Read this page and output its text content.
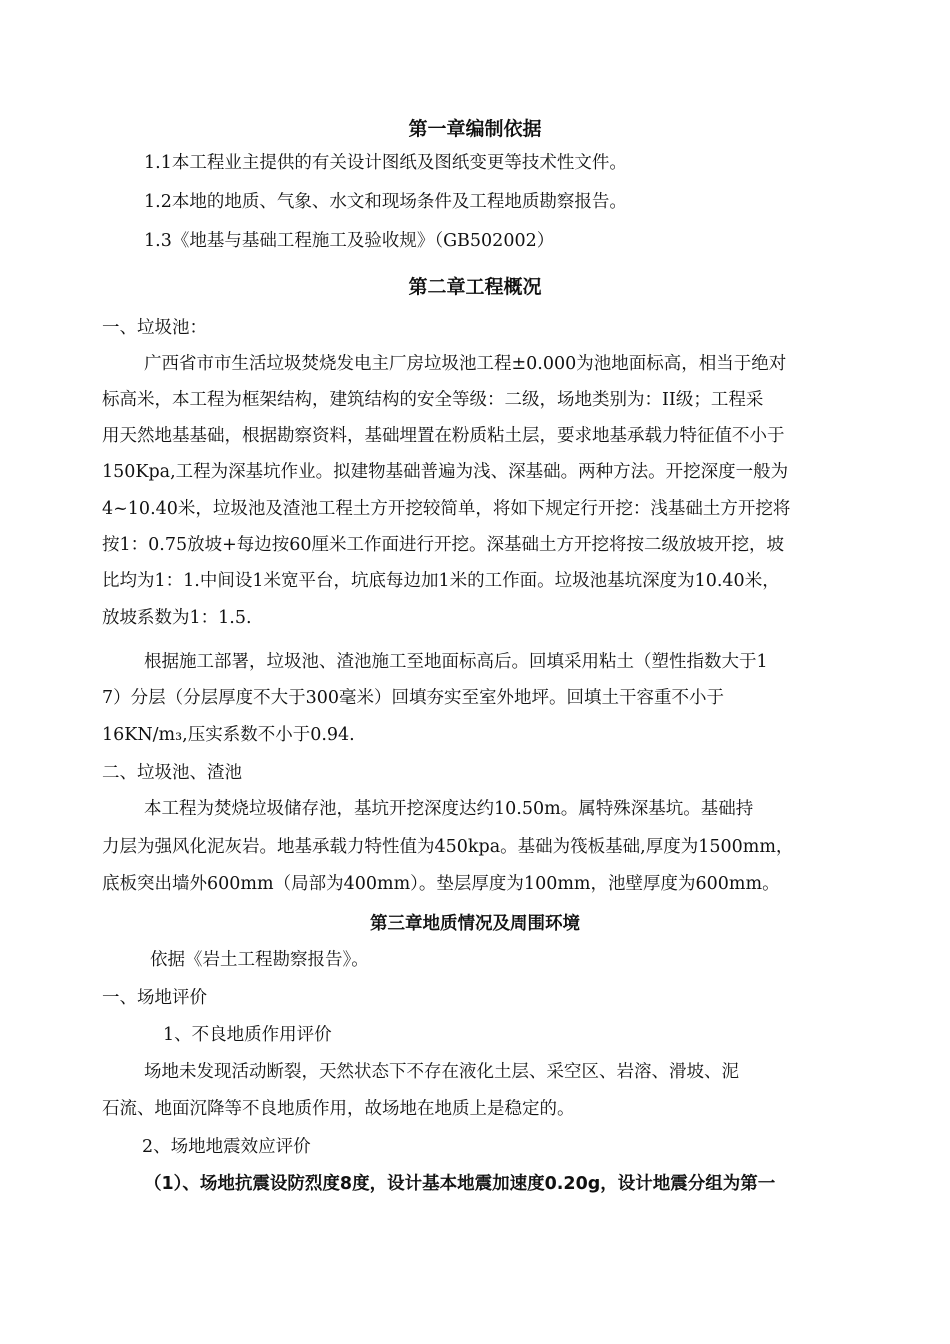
第一章编制依据
1.1本工程业主提供的有关设计图纸及图纸变更等技术性文件。
1.2本地的地质、气象、水文和现场条件及工程地质勘察报告。
1.3《地基与基础工程施工及验收规》（GB502002）
第二章工程概况
一、垃圾池：
广西省市市生活垃圾焚烧发电主厂房垃圾池工程±0.000为池地面标高，相当于绝对
标高米，本工程为框架结构，建筑结构的安全等级：二级，场地类别为：II级；工程采
用天然地基基础，根据勘察资料，基础埋置在粉质粘土层，要求地基承载力特征值不小于
150Kpa,工程为深基坑作业。拟建物基础普遍为浅、深基础。两种方法。开挖深度一般为
4~10.40米，垃圾池及渣池工程土方开挖较简单，将如下规定行开挖：浅基础土方开挖将
按1：0.75放坡+每边按60厘米工作面进行开挖。深基础土方开挖将按二级放坡开挖，坡
比均为1：1.中间设1米宽平台，坑底每边加1米的工作面。垃圾池基坑深度为10.40米，
放坡系数为1：1.5.
根据施工部署，垃圾池、渣池施工至地面标高后。回填采用粘土（塑性指数大于1
7）分层（分层厚度不大于300毫米）回填夯实至室外地坪。回填土干容重不小于
16KN/m₃,压实系数不小于0.94.
二、垃圾池、渣池
本工程为焚烧垃圾储存池，基坑开挖深度达约10.50m。属特殊深基坑。基础持
力层为强风化泥灰岩。地基承载力特性值为450kpa。基础为筏板基础,厚度为1500mm，
底板突出墙外600mm（局部为400mm）。垫层厚度为100mm，池壁厚度为600mm。
第三章地质情况及周围环境
依据《岩土工程勘察报告》。
一、场地评价
1、不良地质作用评价
场地未发现活动断裂，天然状态下不存在液化土层、采空区、岩溶、滑坡、泥
石流、地面沉降等不良地质作用，故场地在地质上是稳定的。
2、场地地震效应评价
（1）、场地抗震设防烈度8度，设计基本地震加速度0.20g，设计地震分组为第一
